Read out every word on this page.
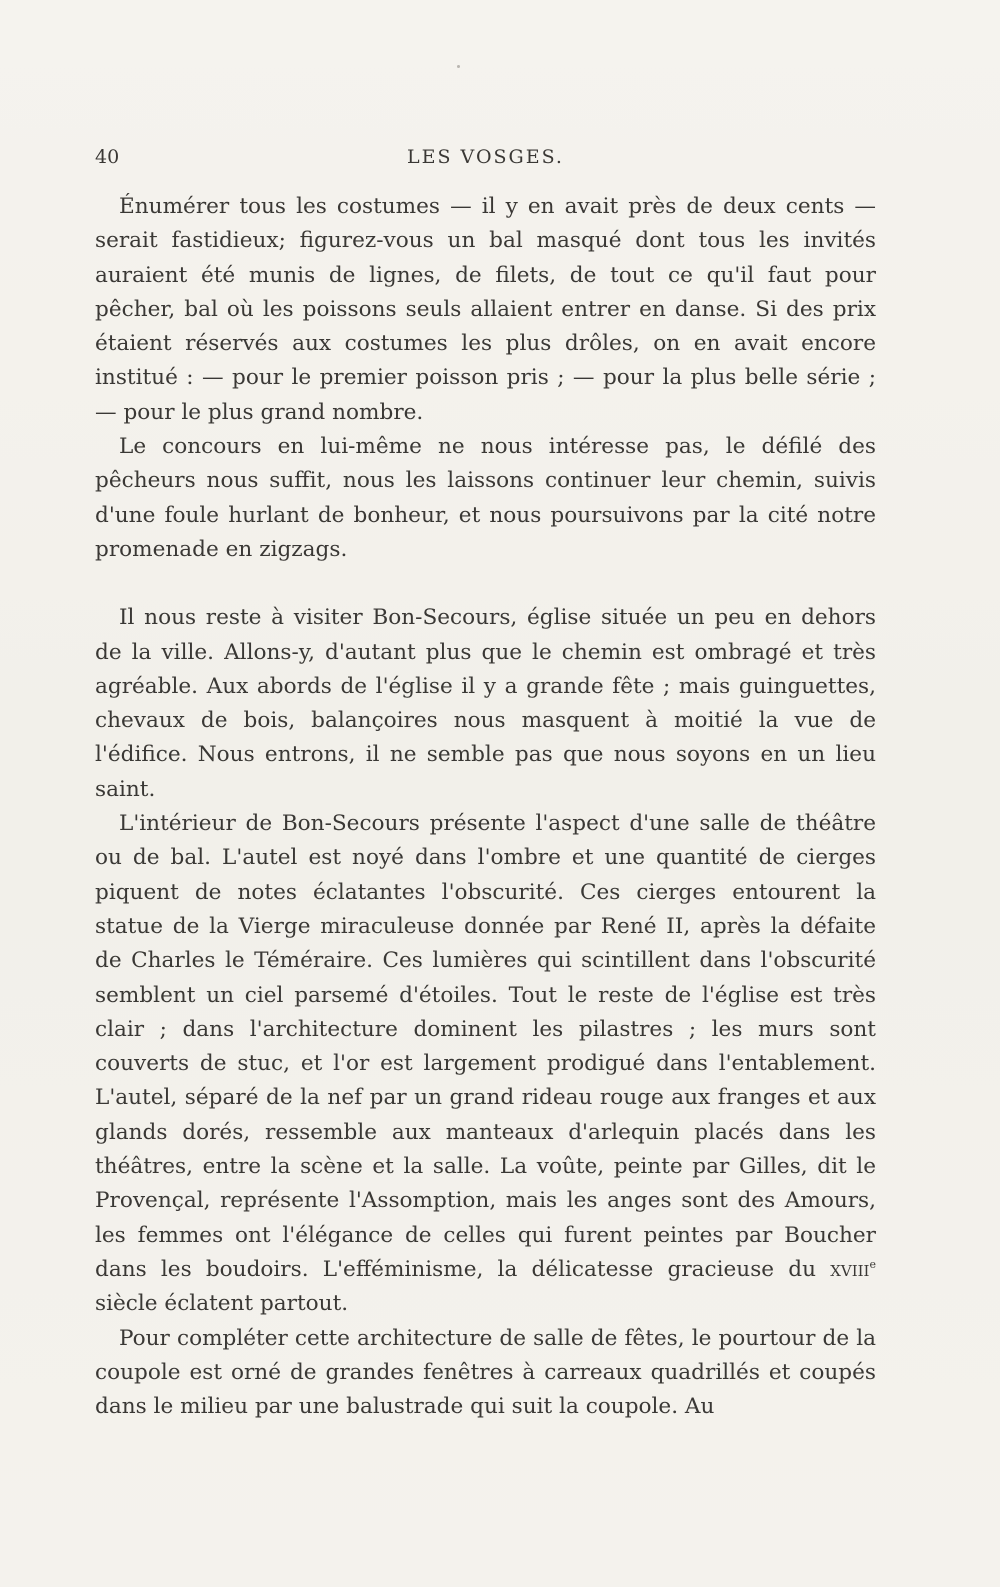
40	LES VOSGES.

Énumérer tous les costumes — il y en avait près de deux cents — serait fastidieux; figurez-vous un bal masqué dont tous les invités auraient été munis de lignes, de filets, de tout ce qu'il faut pour pêcher, bal où les poissons seuls allaient entrer en danse. Si des prix étaient réservés aux costumes les plus drôles, on en avait encore institué : — pour le premier poisson pris ; — pour la plus belle série ; — pour le plus grand nombre.

Le concours en lui-même ne nous intéresse pas, le défilé des pêcheurs nous suffit, nous les laissons continuer leur chemin, suivis d'une foule hurlant de bonheur, et nous poursuivons par la cité notre promenade en zigzags.

Il nous reste à visiter Bon-Secours, église située un peu en dehors de la ville. Allons-y, d'autant plus que le chemin est ombragé et très agréable. Aux abords de l'église il y a grande fête ; mais guinguettes, chevaux de bois, balançoires nous masquent à moitié la vue de l'édifice. Nous entrons, il ne semble pas que nous soyons en un lieu saint.

L'intérieur de Bon-Secours présente l'aspect d'une salle de théâtre ou de bal. L'autel est noyé dans l'ombre et une quantité de cierges piquent de notes éclatantes l'obscurité. Ces cierges entourent la statue de la Vierge miraculeuse donnée par René II, après la défaite de Charles le Téméraire. Ces lumières qui scintillent dans l'obscurité semblent un ciel parsemé d'étoiles. Tout le reste de l'église est très clair ; dans l'architecture dominent les pilastres ; les murs sont couverts de stuc, et l'or est largement prodigué dans l'entablement. L'autel, séparé de la nef par un grand rideau rouge aux franges et aux glands dorés, ressemble aux manteaux d'arlequin placés dans les théâtres, entre la scène et la salle. La voûte, peinte par Gilles, dit le Provençal, représente l'Assomption, mais les anges sont des Amours, les femmes ont l'élégance de celles qui furent peintes par Boucher dans les boudoirs. L'efféminisme, la délicatesse gracieuse du xviii$^e$ siècle éclatent partout.

Pour compléter cette architecture de salle de fêtes, le pourtour de la coupole est orné de grandes fenêtres à carreaux quadrillés et coupés dans le milieu par une balustrade qui suit la coupole. Au
